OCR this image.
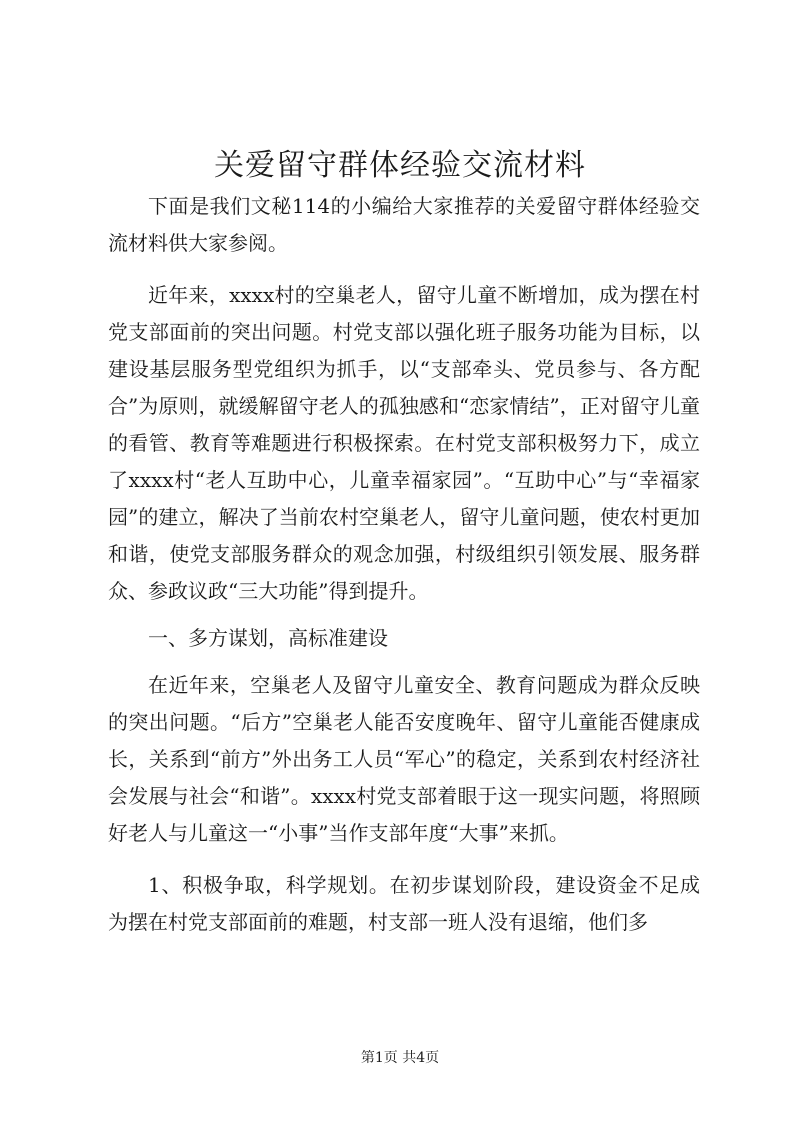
关爱留守群体经验交流材料

下面是我们文秘114的小编给大家推荐的关爱留守群体经验交流材料供大家参阅。

近年来，xxxx村的空巢老人，留守儿童不断增加，成为摆在村党支部面前的突出问题。村党支部以强化班子服务功能为目标，以建设基层服务型党组织为抓手，以“支部牵头、党员参与、各方配合”为原则，就缓解留守老人的孤独感和“恋家情结”，正对留守儿童的看管、教育等难题进行积极探索。在村党支部积极努力下，成立了xxxx村“老人互助中心，儿童幸福家园”。“互助中心”与“幸福家园”的建立，解决了当前农村空巢老人，留守儿童问题，使农村更加和谐，使党支部服务群众的观念加强，村级组织引领发展、服务群众、参政议政“三大功能”得到提升。

一、多方谋划，高标准建设

在近年来，空巢老人及留守儿童安全、教育问题成为群众反映的突出问题。“后方”空巢老人能否安度晚年、留守儿童能否健康成长，关系到“前方”外出务工人员“军心”的稳定，关系到农村经济社会发展与社会“和谐”。xxxx村党支部着眼于这一现实问题，将照顾好老人与儿童这一“小事”当作支部年度“大事”来抓。

1、积极争取，科学规划。在初步谋划阶段，建设资金不足成为摆在村党支部面前的难题，村支部一班人没有退缩，他们多

第1页 共4页
